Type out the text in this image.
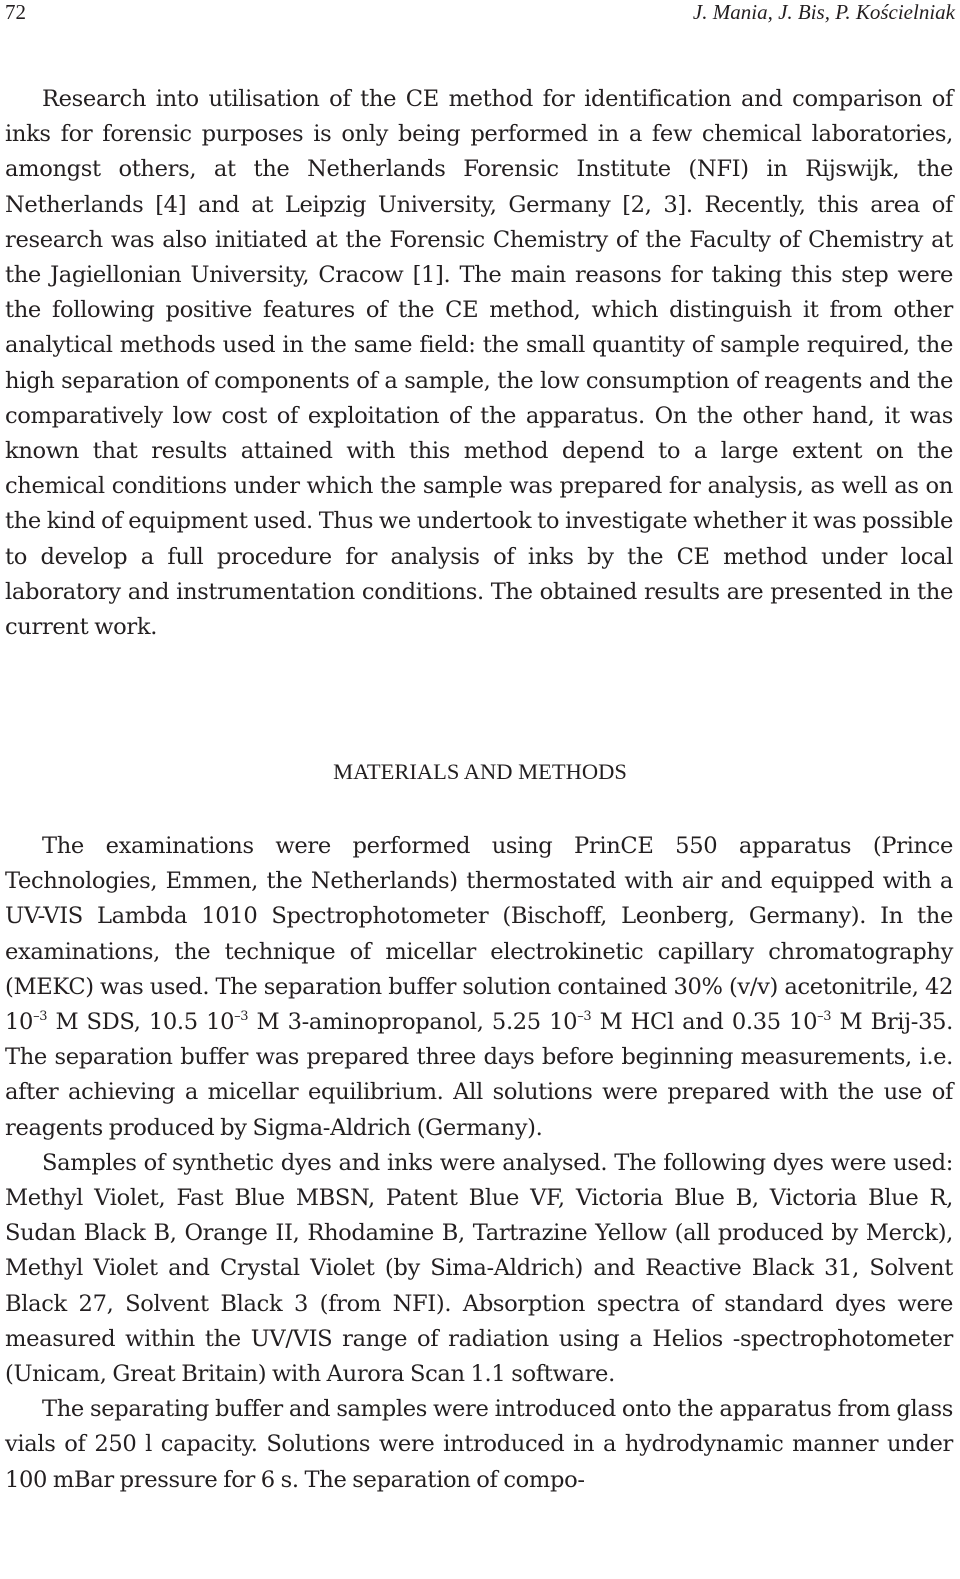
72	J. Mania, J. Bis, P. Kościelniak

Research into utilisation of the CE method for identification and comparison of inks for forensic purposes is only being performed in a few chemical laboratories, amongst others, at the Netherlands Forensic Institute (NFI) in Rijswijk, the Netherlands [4] and at Leipzig University, Germany [2, 3]. Recently, this area of research was also initiated at the Forensic Chemistry of the Faculty of Chemistry at the Jagiellonian University, Cracow [1]. The main reasons for taking this step were the following positive features of the CE method, which distinguish it from other analytical methods used in the same field: the small quantity of sample required, the high separation of components of a sample, the low consumption of reagents and the comparatively low cost of exploitation of the apparatus. On the other hand, it was known that results attained with this method depend to a large extent on the chemical conditions under which the sample was prepared for analysis, as well as on the kind of equipment used. Thus we undertook to investigate whether it was possible to develop a full procedure for analysis of inks by the CE method under local laboratory and instrumentation conditions. The obtained results are presented in the current work.

MATERIALS AND METHODS

The examinations were performed using PrinCE 550 apparatus (Prince Technologies, Emmen, the Netherlands) thermostated with air and equipped with a UV-VIS Lambda 1010 Spectrophotometer (Bischoff, Leonberg, Germany). In the examinations, the technique of micellar electrokinetic capillary chromatography (MEKC) was used. The separation buffer solution contained 30% (v/v) acetonitrile, 42 $10^{-3}$ M SDS, 10.5 $10^{-3}$ M 3-aminopropanol, 5.25 $10^{-3}$ M HCl and 0.35 $10^{-3}$ M Brij-35. The separation buffer was prepared three days before beginning measurements, i.e. after achieving a micellar equilibrium. All solutions were prepared with the use of reagents produced by Sigma-Aldrich (Germany).

Samples of synthetic dyes and inks were analysed. The following dyes were used: Methyl Violet, Fast Blue MBSN, Patent Blue VF, Victoria Blue B, Victoria Blue R, Sudan Black B, Orange II, Rhodamine B, Tartrazine Yellow (all produced by Merck), Methyl Violet and Crystal Violet (by Sima-Aldrich) and Reactive Black 31, Solvent Black 27, Solvent Black 3 (from NFI). Absorption spectra of standard dyes were measured within the UV/VIS range of radiation using a Helios -spectrophotometer (Unicam, Great Britain) with Aurora Scan 1.1 software.

The separating buffer and samples were introduced onto the apparatus from glass vials of 250 l capacity. Solutions were introduced in a hydrodynamic manner under 100 mBar pressure for 6 s. The separation of compo-
